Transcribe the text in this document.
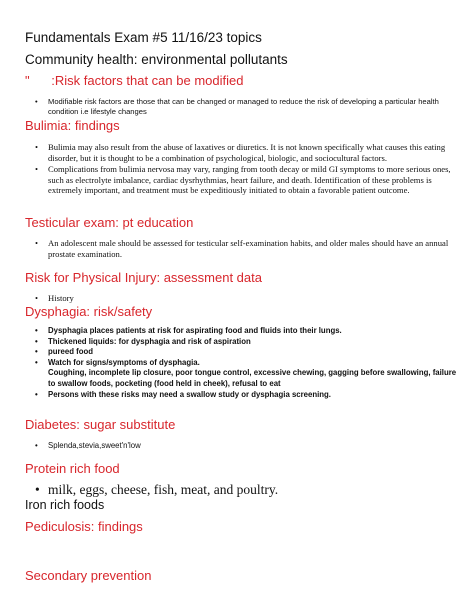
Fundamentals Exam #5 11/16/23 topics
Community health: environmental pollutants
" :Risk factors that can be modified
• Modifiable risk factors are those that can be changed or managed to reduce the risk of developing a particular health condition i.e lifestyle changes
Bulimia: findings
• Bulimia may also result from the abuse of laxatives or diuretics. It is not known specifically what causes this eating disorder, but it is thought to be a combination of psychological, biologic, and sociocultural factors.
• Complications from bulimia nervosa may vary, ranging from tooth decay or mild GI symptoms to more serious ones, such as electrolyte imbalance, cardiac dysrhythmias, heart failure, and death. Identification of these problems is extremely important, and treatment must be expeditiously initiated to obtain a favorable patient outcome.
Testicular exam: pt education
• An adolescent male should be assessed for testicular self-examination habits, and older males should have an annual prostate examination.
Risk for Physical Injury: assessment data
• History
Dysphagia: risk/safety
• Dysphagia places patients at risk for aspirating food and fluids into their lungs.
• Thickened liquids: for dysphagia and risk of aspiration
• pureed food
• Watch for signs/symptoms of dysphagia.
Coughing, incomplete lip closure, poor tongue control, excessive chewing, gagging before swallowing, failure to swallow foods, pocketing (food held in cheek), refusal to eat
• Persons with these risks may need a swallow study or dysphagia screening.
Diabetes: sugar substitute
• Splenda,stevia,sweet'n'low
Protein rich food
• milk, eggs, cheese, fish, meat, and poultry.
Iron rich foods
Pediculosis: findings
Secondary prevention
